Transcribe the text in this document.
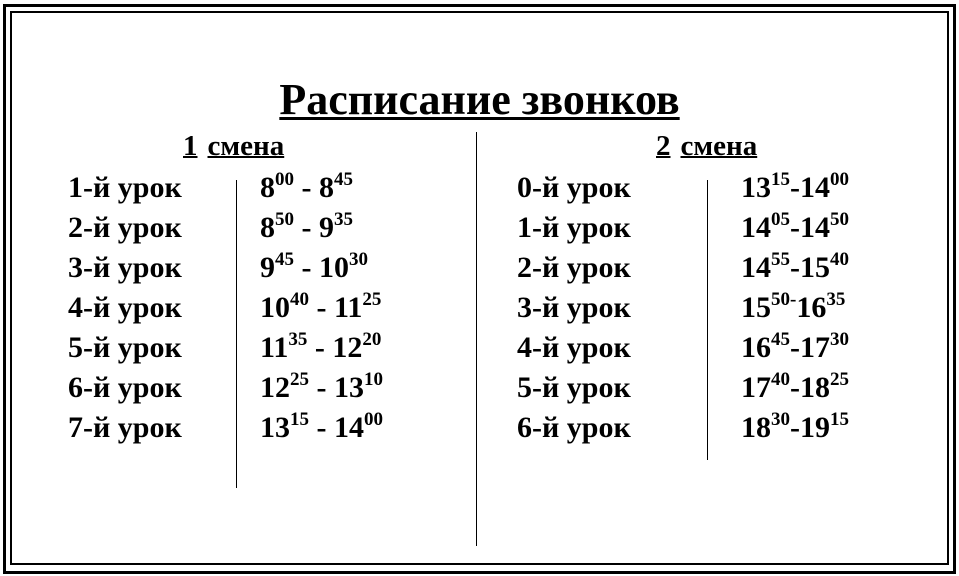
Расписание звонков
1 смена	2 смена
1-й урок	$8^{00} - 8^{45}$
2-й урок	$8^{50} - 9^{35}$
3-й урок	$9^{45} - 10^{30}$
4-й урок	$10^{40} - 11^{25}$
5-й урок	$11^{35} - 12^{20}$
6-й урок	$12^{25} - 13^{10}$
7-й урок	$13^{15} - 14^{00}$
0-й урок	$13^{15}-14^{00}$
1-й урок	$14^{05}-14^{50}$
2-й урок	$14^{55}-15^{40}$
3-й урок	$15^{50-}16^{35}$
4-й урок	$16^{45}-17^{30}$
5-й урок	$17^{40}-18^{25}$
6-й урок	$18^{30}-19^{15}$
